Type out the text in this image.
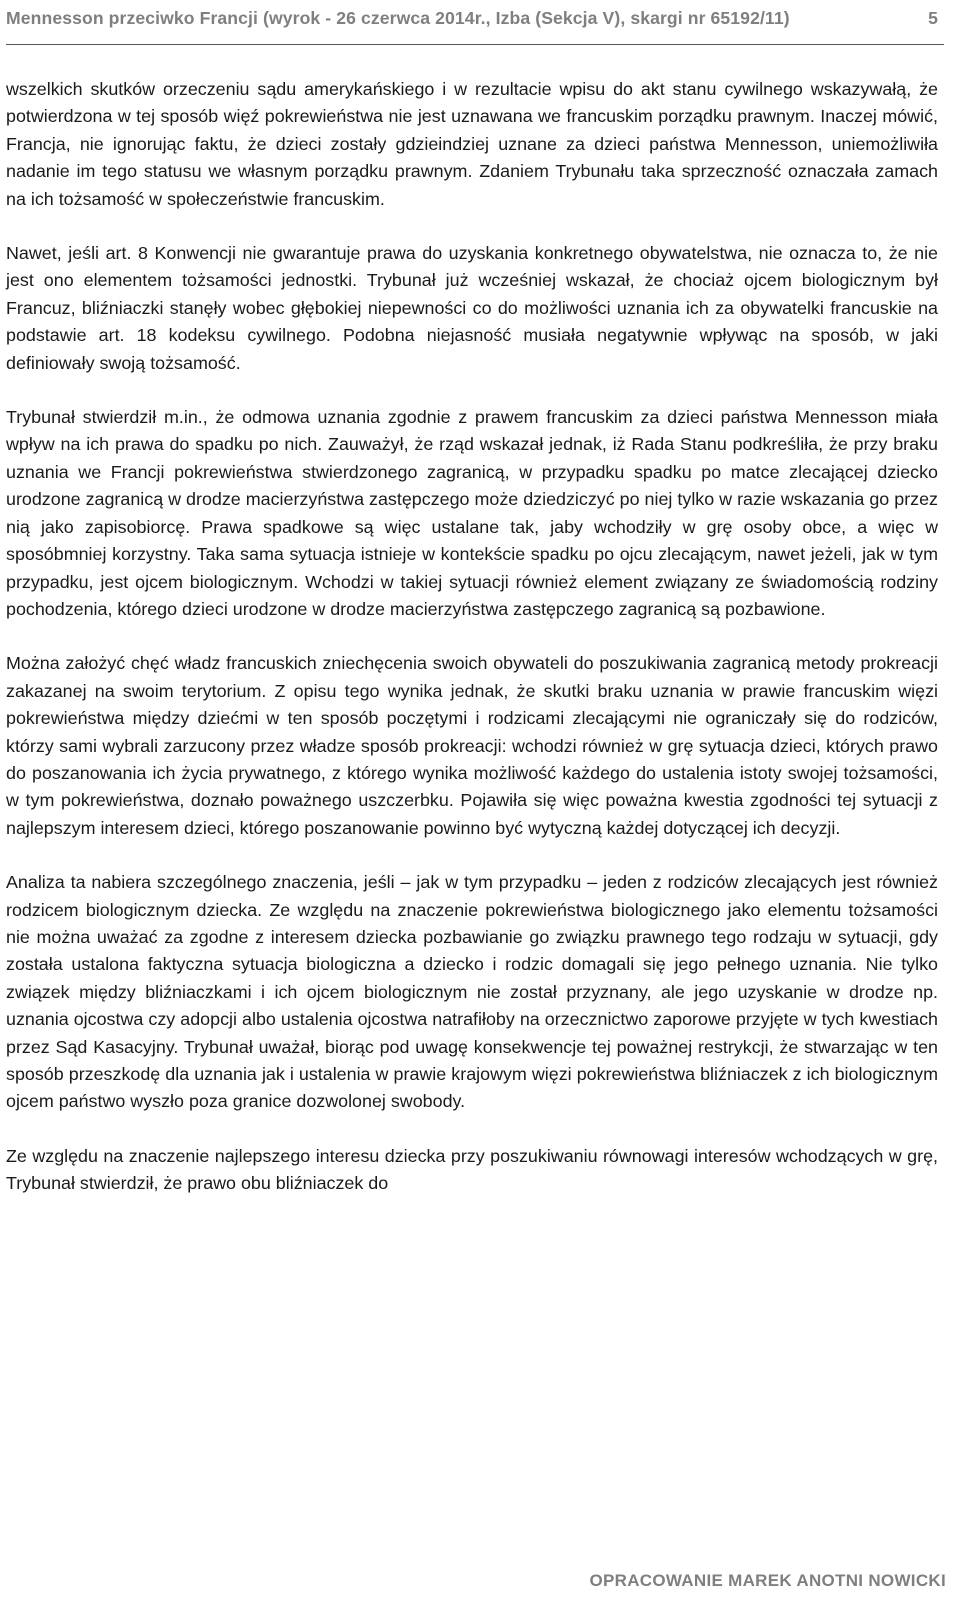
Mennesson przeciwko Francji (wyrok - 26 czerwca 2014r., Izba (Sekcja V), skargi nr 65192/11)	5

wszelkich skutków orzeczeniu sądu amerykańskiego i w rezultacie wpisu do akt stanu cywilnego wskazywałą, że potwierdzona w tej sposób więź pokrewieństwa nie jest uznawana we francuskim porządku prawnym. Inaczej mówić, Francja, nie ignorując faktu, że dzieci zostały gdzieindziej uznane za dzieci państwa Mennesson, uniemożliwiła nadanie im tego statusu we własnym porządku prawnym. Zdaniem Trybunału taka sprzeczność oznaczała zamach na ich tożsamość w społeczeństwie francuskim.

Nawet, jeśli art. 8 Konwencji nie gwarantuje prawa do uzyskania konkretnego obywatelstwa, nie oznacza to, że nie jest ono elementem tożsamości jednostki. Trybunał już wcześniej wskazał, że chociaż ojcem biologicznym był Francuz, bliźniaczki stanęły wobec głębokiej niepewności co do możliwości uznania ich za obywatelki francuskie na podstawie art. 18 kodeksu cywilnego. Podobna niejasność musiała negatywnie wpływąc na sposób, w jaki definiowały swoją tożsamość.

Trybunał stwierdził m.in., że odmowa uznania zgodnie z prawem francuskim za dzieci państwa Mennesson miała wpływ na ich prawa do spadku po nich. Zauważył, że rząd wskazał jednak, iż Rada Stanu podkreśliła, że przy braku uznania we Francji pokrewieństwa stwierdzonego zagranicą, w przypadku spadku po matce zlecającej dziecko urodzone zagranicą w drodze macierzyństwa zastępczego może dziedziczyć po niej tylko w razie wskazania go przez nią jako zapisobiorcę. Prawa spadkowe są więc ustalane tak, jaby wchodziły w grę osoby obce, a więc w sposóbmniej korzystny. Taka sama sytuacja istnieje w kontekście spadku po ojcu zlecającym, nawet jeżeli, jak w tym przypadku, jest ojcem biologicznym. Wchodzi w takiej sytuacji również element związany ze świadomością rodziny pochodzenia, którego dzieci urodzone w drodze macierzyństwa zastępczego zagranicą są pozbawione.

Można założyć chęć władz francuskich zniechęcenia swoich obywateli do poszukiwania zagranicą metody prokreacji zakazanej na swoim terytorium. Z opisu tego wynika jednak, że skutki braku uznania w prawie francuskim więzi pokrewieństwa między dziećmi w ten sposób poczętymi i rodzicami zlecającymi nie ograniczały się do rodziców, którzy sami wybrali zarzucony przez władze sposób prokreacji: wchodzi również w grę sytuacja dzieci, których prawo do poszanowania ich życia prywatnego, z którego wynika możliwość każdego do ustalenia istoty swojej tożsamości, w tym pokrewieństwa, doznało poważnego uszczerbku. Pojawiła się więc poważna kwestia zgodności tej sytuacji z najlepszym interesem dzieci, którego poszanowanie powinno być wytyczną każdej dotyczącej ich decyzji.

Analiza ta nabiera szczególnego znaczenia, jeśli – jak w tym przypadku – jeden z rodziców zlecających jest również rodzicem biologicznym dziecka. Ze względu na znaczenie pokrewieństwa biologicznego jako elementu tożsamości nie można uważać za zgodne z interesem dziecka pozbawianie go związku prawnego tego rodzaju w sytuacji, gdy została ustalona faktyczna sytuacja biologiczna a dziecko i rodzic domagali się jego pełnego uznania. Nie tylko związek między bliźniaczkami i ich ojcem biologicznym nie został przyznany, ale jego uzyskanie w drodze np. uznania ojcostwa czy adopcji albo ustalenia ojcostwa natrafiłoby na orzecznictwo zaporowe przyjęte w tych kwestiach przez Sąd Kasacyjny. Trybunał uważał, biorąc pod uwagę konsekwencje tej poważnej restrykcji, że stwarzając w ten sposób przeszkodę dla uznania jak i ustalenia w prawie krajowym więzi pokrewieństwa bliźniaczek z ich biologicznym ojcem państwo wyszło poza granice dozwolonej swobody.

Ze względu na znaczenie najlepszego interesu dziecka przy poszukiwaniu równowagi interesów wchodzących w grę, Trybunał stwierdził, że prawo obu bliźniaczek do

OPRACOWANIE MAREK ANOTNI NOWICKI
